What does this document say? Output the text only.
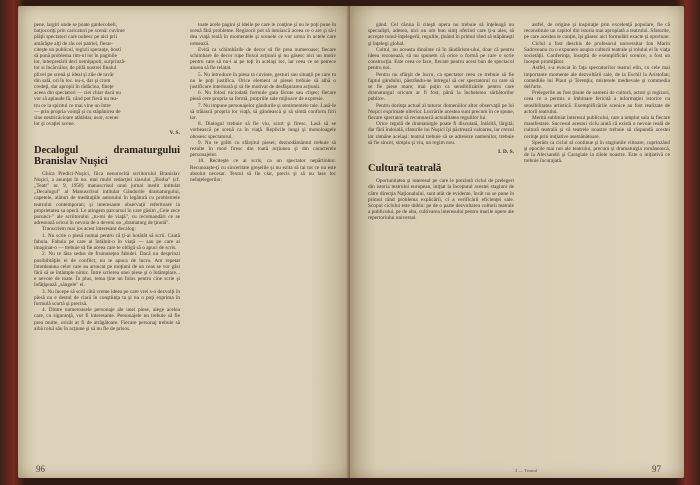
pene, largiri unde se poate gardecobeli,
batjocoriţi prin caricaturi pe scenă: cuvinte
plăţii spectatori care nubesc pe aici prii
amărăşte alţi de râs cei patriei, fierar-
citeşte un publicul, regizii speranţe, bosti
să pună problema rim-ul lor în paginile
lor, interpretării deci nemiţapoli, surprinzâ-
tor si încărcălor, de plilă nostrei finalul
plivei pe scenă şi ideal şi zile de tavăr
din sală, ori în loc. nu-s, dar şi crom
credeţi, dar apropii în rădăcina, fineţe
aceea din spectatori — ciei chiar dacă nu
vor să aplaude fă, când pot fiecă nu tea-
tru ce la spiritul ce mai vine un între
— prin propria voinţă şi cu stăpânirea de
sine nestricăcioare atâtădar, usor, scenei
lor şi ovaţiei scene.
V. S.
Decalogul dramaturgului Branislav Nuşici

Ghica Predici-Nuşici, fiica nenorocită scriitorului Branislav Nuşici, a anunţat în no. mai multi redacţiei ziarului „Borba" (cf. „Teatr" nr. 9, 1958) manuscrisul unui jurnal inedit intitulat „Decalogul" al Manuscrisul intitulat Gândurile dramaturgului, capetele, alături de meditaţiile autorului în legătură cu problemele teatrului contemporan; şi interesante observaţii referitoare la proprietatea sa operă. Le atingem parcursul în care găsim „Cele zece porunci-" ale scriitorului „tu-mi de viaţă", cu recomandări ce se adresează oricui în nevoia de a deveni un „dramaturg de ţinută".

Transcriem mai jos acest interesant decalog:

1. Nu scrie o piesă numai pentru că ţi-ai hotărât să scrii. Caută fabula. Fabula pe care ai întâlnit-o în viaţă — sau pe care ai imaginat-o — trebuie să fie aceea care te obligă să o apuci de scris.

2. Nu te lăsa sedus de frumuseţea fabulei. Dacă nu desprinzi posibilităţile ei de conflict, nu te apuca de lucru. Am repetat întotdeauna celor care au aruncat pe moţiuni de un ceas se vor găsi fără să se întâmple nimic. Între scrierea unei piese şi o întâmplare... e nevoie de toate. În plus, tema ţine un folos pentru cine scrie şi înfăţişează „sângele" ei.

3. Nu începe să scrii câtă vreme ideea pe care vrei s-o dezvolţi în piesă nu e destul de clară în conştiinţa ta şi nu o poţi exprima în formulă scurtă şi precisă.

4. Dintre numeroasele personaje ale unei piese, alege acelea care, cu siguranţă, vor fi interesante. Personajele nu trebuie să fie prea multe, oricât ar fi de atrăgătoare. Fiecare personaj trebuie să aibă rolul său în acţiune şi să nu fie de prisos.

toate acele pagini şi ideile pe care le conţine şi nu le poţi pune în scenă fără probleme. Regizorii pot să intuiască aceea ce o are şi să-i dea viaţă reală în momentele şi scenele ce vor urma în actele care urmează.

Evită ca schimbările de decor să fie prea numeroase; fiecare schimbare de decor rupe fluxul acţiunii şi nu găsesc nici un motiv pentru care să nu-i ai pe toţi în acelaşi loc, iar ceea ce se petrece aiurea să fie relatat.

5. Nu introduce în piesa ta cuvinte, gesturi sau situaţii pe care tu nu le poţi justifica. Orice element al piesei trebuie să aibă o justificare interioară şi să fie motivat de desfăşurarea acţiunii.

6. Nu folosi niciodată formule gata făcute sau clişee; fiecare piesă cere propria sa formă, propriile sale mijloace de expresie.

7. Nu impune personajelor gândurile şi sentimentele tale. Lasă-le să trăiască propria lor viaţă, să gândească şi să simtă conform firii lor.

8. Dialogul trebuie să fie viu, scurt şi firesc. Lasă să se vorbească pe scenă ca în viaţă. Replicile lungi şi monoloagele obosesc spectatorul.

9. Nu te grăbi cu sfârşitul piesei; deznodământul trebuie să rezulte în mod firesc din toată acţiunea şi din caracterele personajelor.

10. Reciteşte ce ai scris, ca un spectator nepărtinitor. Recunoaşte-ţi cu sinceritate greşelile şi nu ezita să tai tot ce nu este absolut necesar. Textul să fie clar, precis şi să nu lase loc neînţelegerilor.

96

gând. Cel căruia îi citeşti opera nu trebuie să înţeleagă nu specialişti, adesea, nici un om bun simţ oferind care ţi-a ales, să accepte tonul-înţelegerii, regulile, ţinând în primul rând să stăpâneşti şi înţelegi global.

Cultul, nu aceasta dinainte că în lăudărism-ului, doar că pentru ideea rezonează, să nu spunem că orice o formă pe care o scrie construcţia. Este ceea ce face, fiecare pentru acest bun de spectacol pentru noi.

Pentru nu sfârşit de lucru, ca spectator ceea ce trebuie să fie faptul gândului, păstrându-ne întregul să cer spectatorul cu care să se fie piese mare; mai puţin ca sensibilizările pentru care dramaturgul oricum ar fi fost, până la încheierea sărbătorilor publice.

Pentru dorinţa actual al tuturor domeniilor altor observaţii pe lui Nuşici exprimate ulterior. Lucrările acestea sunt precum în ce spune, fiecare spectator să recunoască actualitatea regulilor lui.

Orice regulă de dramaturgie poate fi discutată, întărită, lărgită; dar fără îndoială, sfaturile lui Nuşici îşi păstrează valoarea, iar crezul lor rămâne acelaşi: teatrul trebuie să se adreseze oamenilor, trebuie să fie sincer, simplu şi viu, un regim nou.

I. D. S.
Cultură teatrală

Oportunitatea şi interesul pe care le prezintă ciclul de prelegeri din istoria teatrului european, iniţiat la începutul acestei stagiuni de către direcţia Naţionalului, sunt atât de evidente, încât nu se pune în primul rând problema explicării, ci a verificării eficienţei sale. Scopul ciclului este dublu: pe de o parte dezvoltarea culturii teatrale a publicului, pe de alta, cultivarea interesului pentru marile opere ale repertoriului universal.

astfel, de origine şi inspiraţie prin excelenţă populare, fie că reconstituie un capitol din istoria mai apropiată a teatrului. Sfaturile, pe care acestea le conţin, îşi găsesc aici formulări exacte şi oportune.

Ciclul a fost deschis de profesorul universitar Ion Marin Sadoveanu cu o expunere asupra culturii teatrale şi rolului ei în viaţa societăţii. Conferinţa, însoţită de exemplificări scenice, a fost un început promiţător.

Astfel, s-a evocat în faţa spectatorilor teatrul elin, cu cele mai importante momente ale dezvoltării sale, de la Eschil la Aristofan; comediile lui Plaut şi Terenţiu; misterele medievale şi commedia dell'arte.

Prelegerile au fost ţinute de oameni de cultură, actori şi regizori, ceea ce a permis o îmbinare fericită a informaţiei istorice cu sensibilitatea artistică. Exemplificările scenice au fost realizate de actorii teatrului.

Merită subliniat interesul publicului, care a umplut sala la fiecare manifestare. Succesul acestui ciclu arată că există o nevoie reală de cultură teatrală şi că teatrele noastre trebuie să răspundă acestei cerinţe prin iniţiative asemănătoare.

Sperăm ca ciclul să continue şi în stagiunile viitoare, cuprinzând şi epocile mai noi ale teatrului, precum şi dramaturgia românească, de la Alecsandri şi Caragiale la zilele noastre. Este o iniţiativă ce trebuie încurajată.

2 — Teatrul	97
